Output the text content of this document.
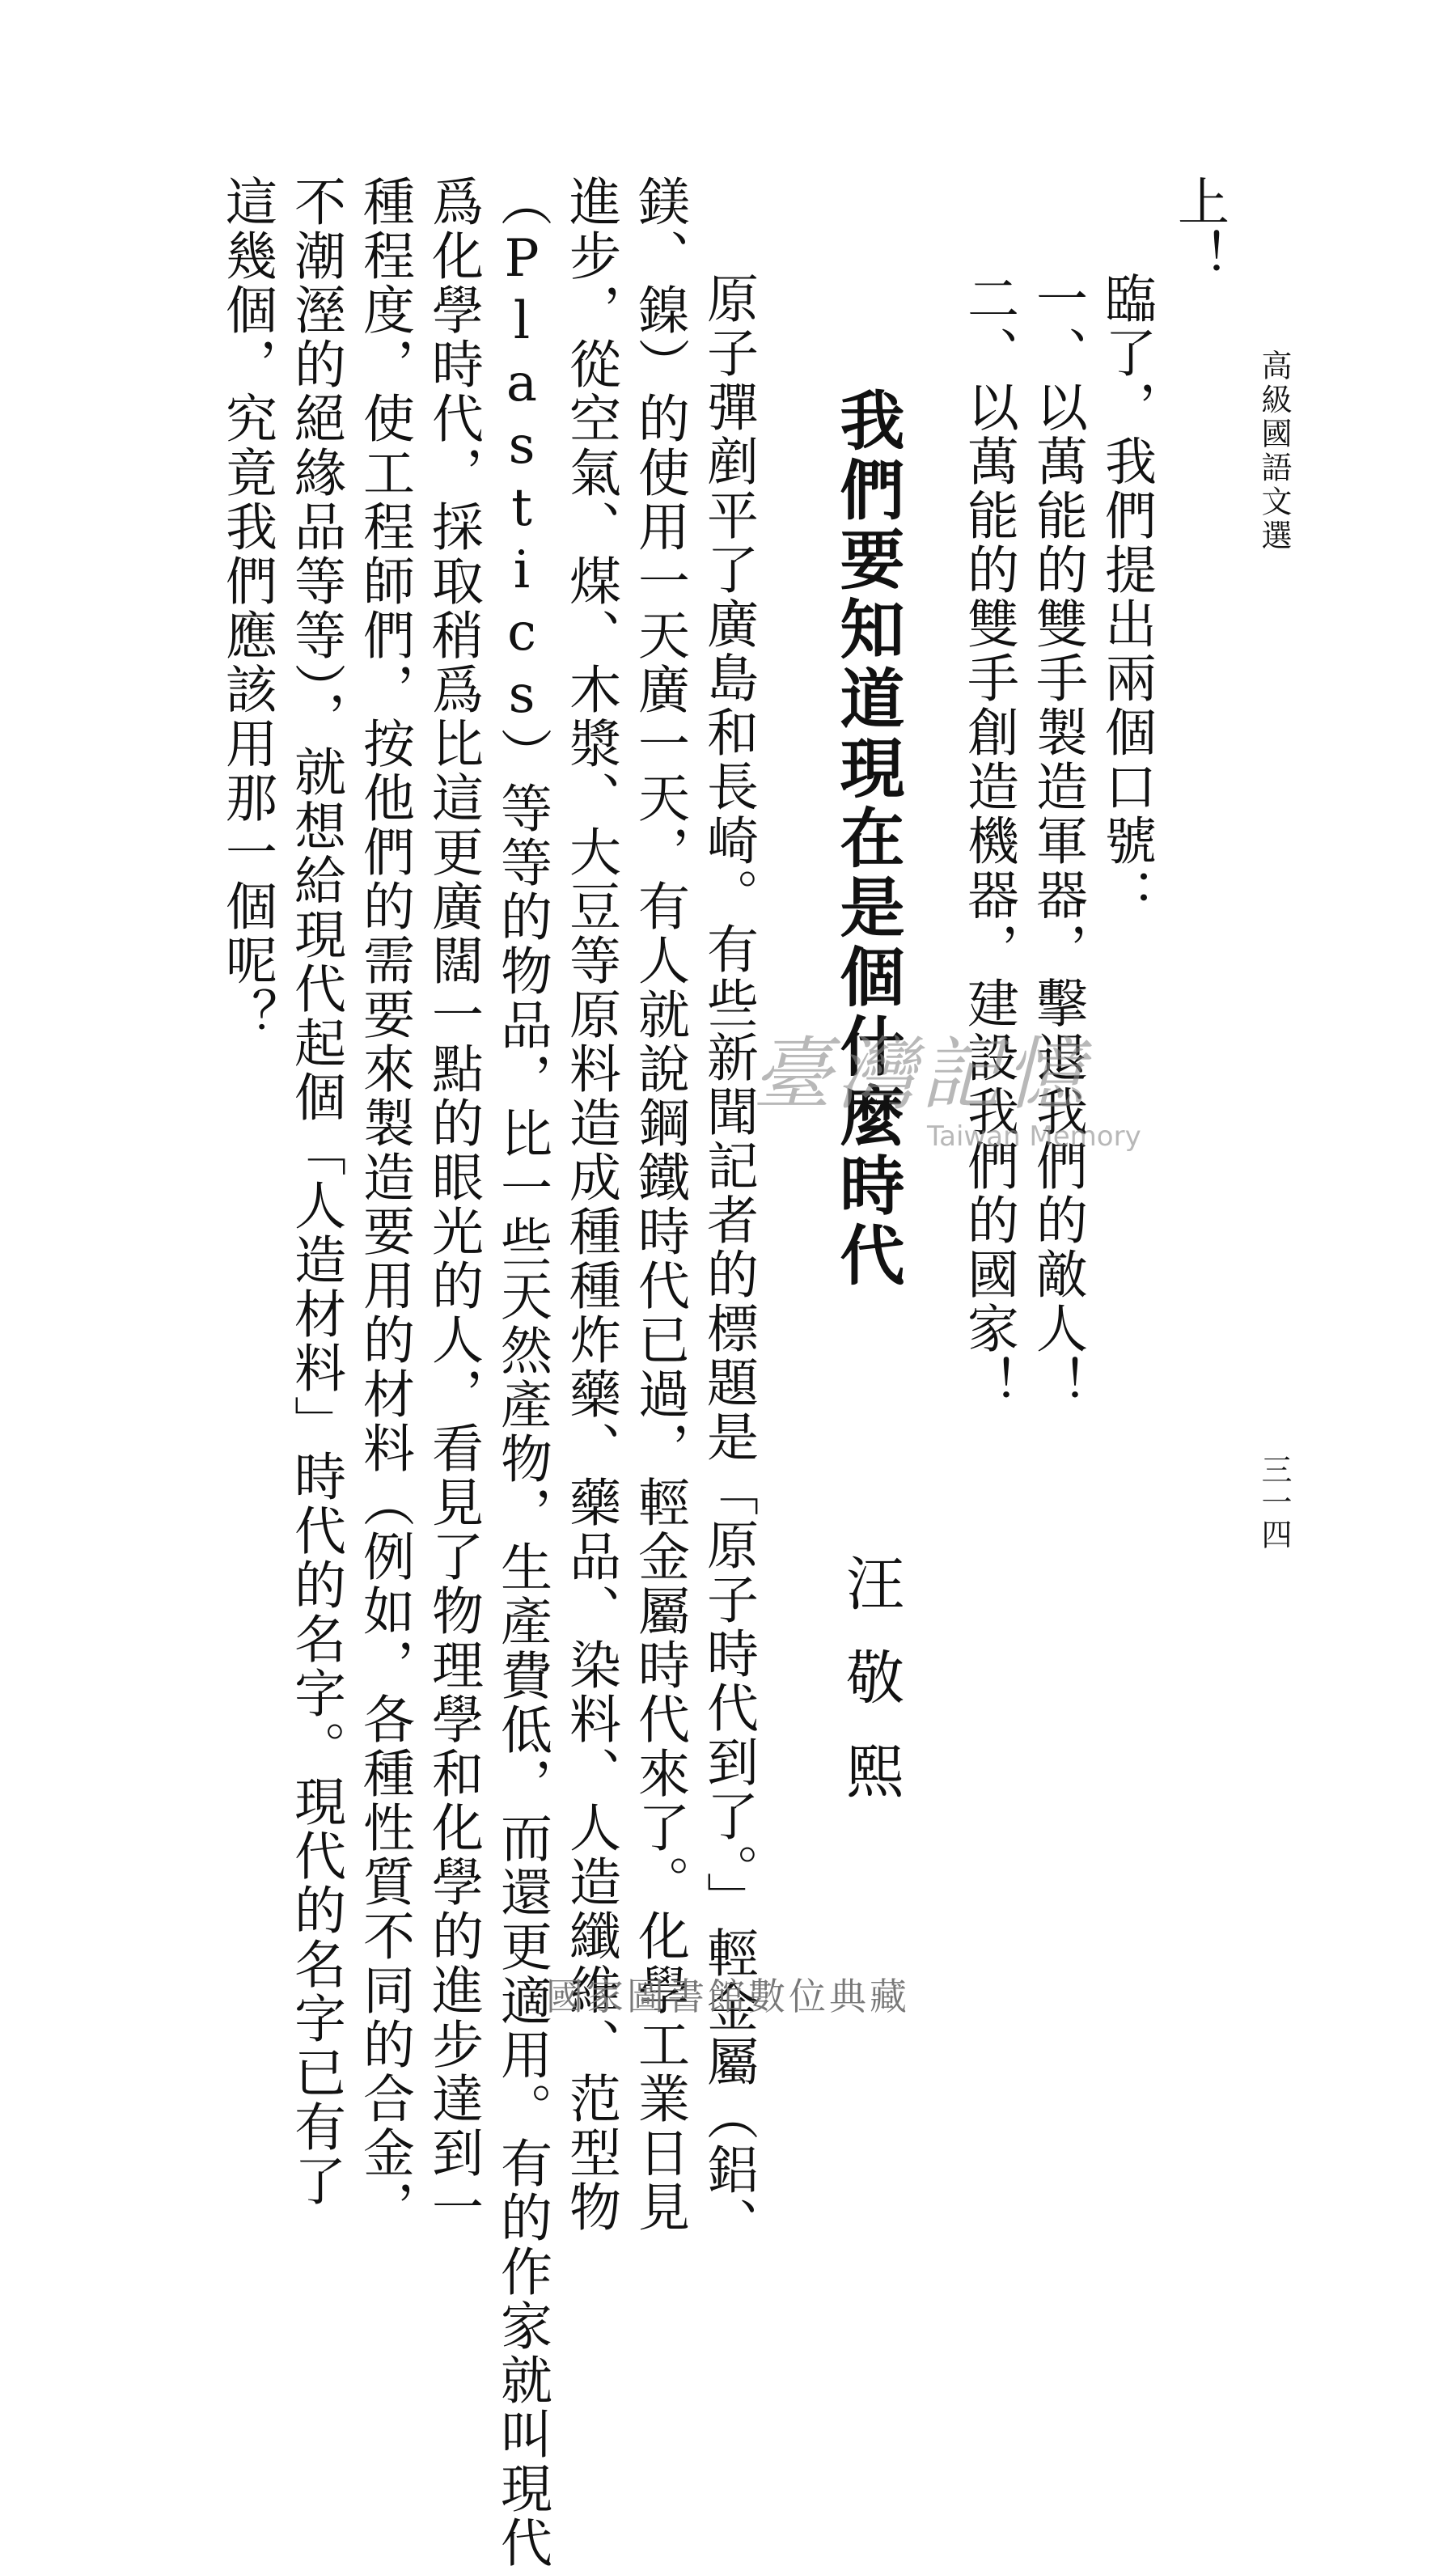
高級國語文選
三一四
上！
臨了，我們提出兩個口號：
一、以萬能的雙手製造軍器，擊退我們的敵人！
二、以萬能的雙手創造機器，建設我們的國家！
我們要知道現在是個什麼時代
汪敬熙
原子彈剷平了廣島和長崎。有些新聞記者的標題是「原子時代到了。」輕金屬（鋁、
鎂、鎳）的使用一天廣一天，有人就說鋼鐵時代已過，輕金屬時代來了。化學工業日見
進步，從空氣、煤、木漿、大豆等原料造成種種炸藥、藥品、染料、人造纖維、范型物
（Plastics）等等的物品，比一些天然產物，生產費低，而還更適用。有的作家就叫現代
爲化學時代，採取稍爲比這更廣闊一點的眼光的人，看見了物理學和化學的進步達到一
種程度，使工程師們，按他們的需要來製造要用的材料（例如，各種性質不同的合金，
不潮溼的絕緣品等等），就想給現代起個「人造材料」時代的名字。現代的名字已有了
這幾個，究竟我們應該用那一個呢？
臺灣記憶
Taiwan Memory
國家圖書館數位典藏
